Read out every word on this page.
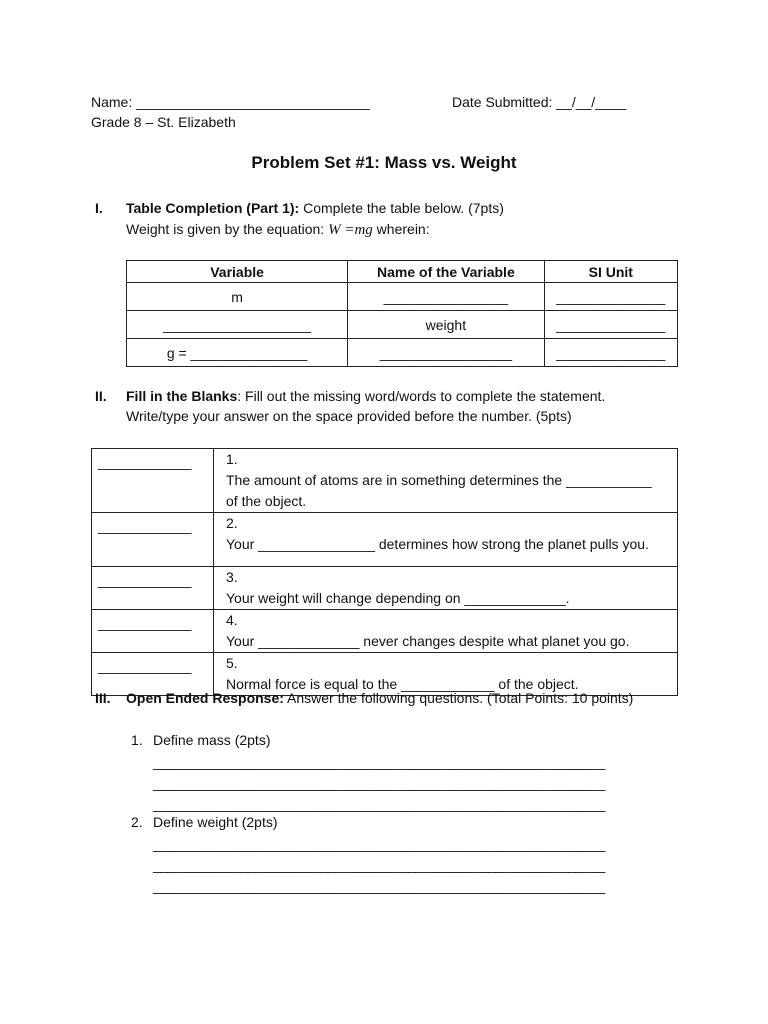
Name: ______________________________	Date Submitted: __/__/____
Grade 8 – St. Elizabeth
Problem Set #1: Mass vs. Weight
I. Table Completion (Part 1): Complete the table below. (7pts)
Weight is given by the equation: W =mg wherein:
Variable	Name of the Variable	SI Unit
m	________________	______________
___________________	weight	______________
g = _______________	_________________	______________
II. Fill in the Blanks: Fill out the missing word/words to complete the statement.
Write/type your answer on the space provided before the number. (5pts)
____________	1.The amount of atoms are in something determines the ___________ of the object.
____________	2.Your _______________ determines how strong the planet pulls you.
____________	3.Your weight will change depending on _____________.
____________	4.Your _____________ never changes despite what planet you go.
____________	5.Normal force is equal to the ____________ of the object.
III. Open Ended Response: Answer the following questions. (Total Points: 10 points)
1. Define mass (2pts)
______________________________________________________________
______________________________________________________________
______________________________________________________________
2. Define weight (2pts)
______________________________________________________________
______________________________________________________________
______________________________________________________________
